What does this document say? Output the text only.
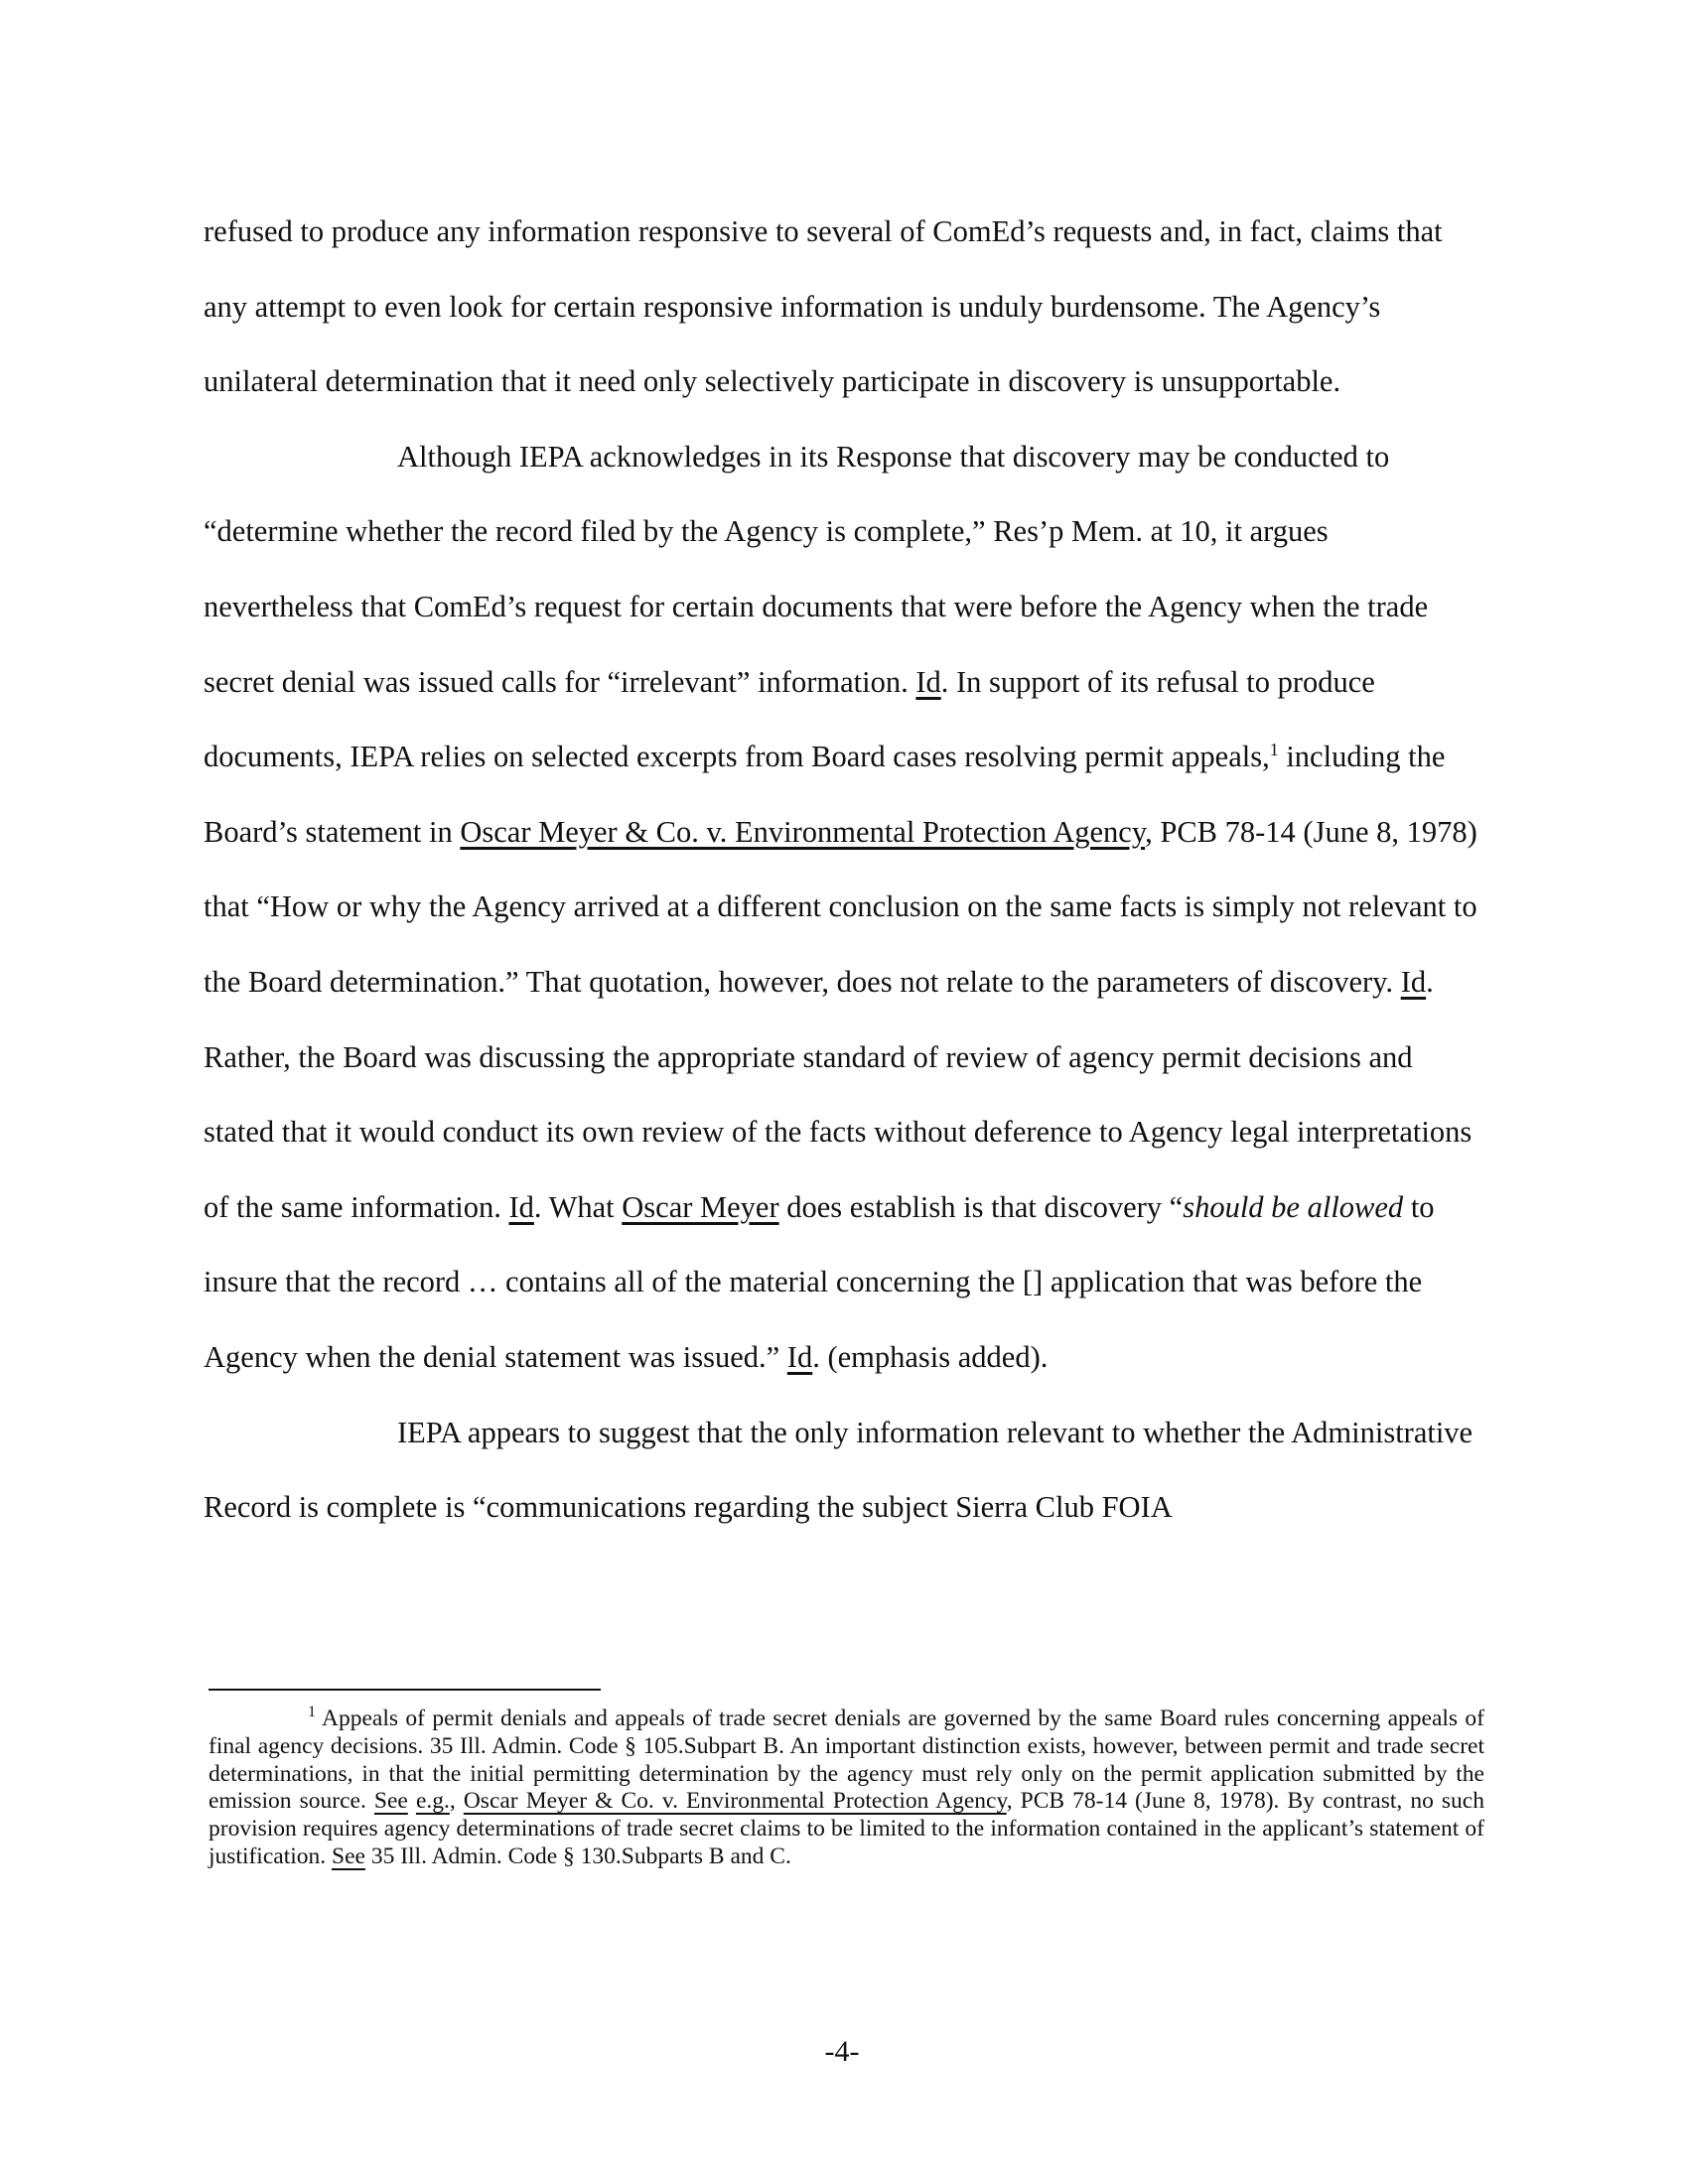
refused to produce any information responsive to several of ComEd’s requests and, in fact, claims that any attempt to even look for certain responsive information is unduly burdensome. The Agency’s unilateral determination that it need only selectively participate in discovery is unsupportable.

Although IEPA acknowledges in its Response that discovery may be conducted to “determine whether the record filed by the Agency is complete,” Res’p Mem. at 10, it argues nevertheless that ComEd’s request for certain documents that were before the Agency when the trade secret denial was issued calls for “irrelevant” information. Id. In support of its refusal to produce documents, IEPA relies on selected excerpts from Board cases resolving permit appeals,$^1$ including the Board’s statement in Oscar Meyer & Co. v. Environmental Protection Agency, PCB 78-14 (June 8, 1978) that “How or why the Agency arrived at a different conclusion on the same facts is simply not relevant to the Board determination.” That quotation, however, does not relate to the parameters of discovery. Id. Rather, the Board was discussing the appropriate standard of review of agency permit decisions and stated that it would conduct its own review of the facts without deference to Agency legal interpretations of the same information. Id. What Oscar Meyer does establish is that discovery “should be allowed to insure that the record … contains all of the material concerning the [] application that was before the Agency when the denial statement was issued.” Id. (emphasis added).

IEPA appears to suggest that the only information relevant to whether the Administrative Record is complete is “communications regarding the subject Sierra Club FOIA

$^1$ Appeals of permit denials and appeals of trade secret denials are governed by the same Board rules concerning appeals of final agency decisions. 35 Ill. Admin. Code § 105.Subpart B. An important distinction exists, however, between permit and trade secret determinations, in that the initial permitting determination by the agency must rely only on the permit application submitted by the emission source. See e.g., Oscar Meyer & Co. v. Environmental Protection Agency, PCB 78-14 (June 8, 1978). By contrast, no such provision requires agency determinations of trade secret claims to be limited to the information contained in the applicant’s statement of justification. See 35 Ill. Admin. Code § 130.Subparts B and C.
-4-
